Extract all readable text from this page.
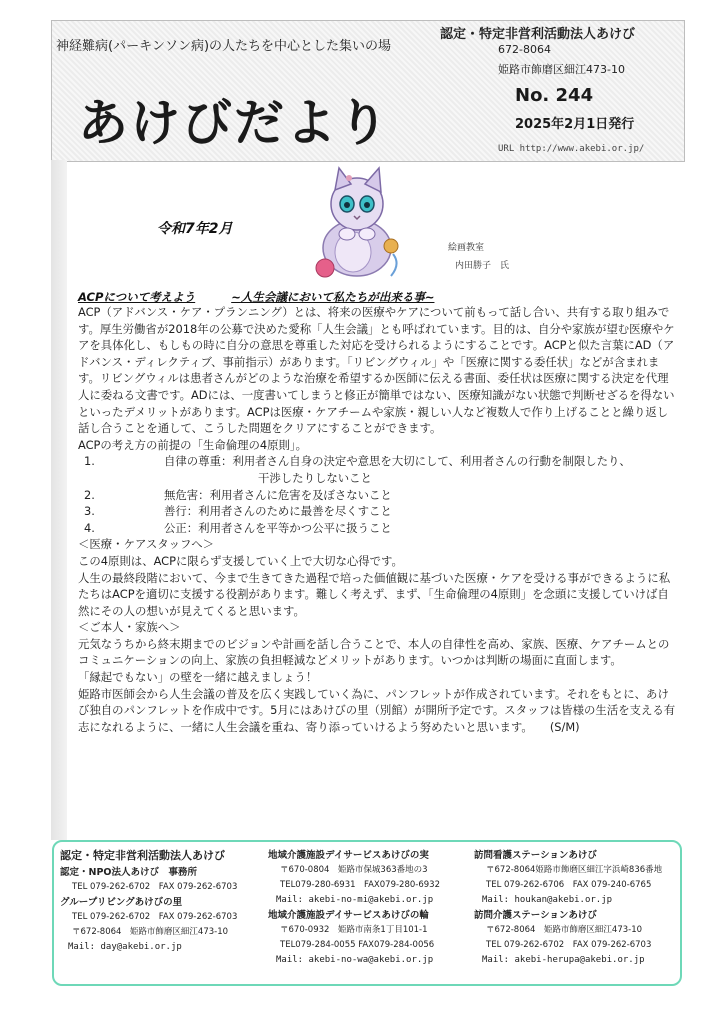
神経難病(パーキンソン病)の人たちを中心とした集いの場
認定・特定非営利活動法人あけび
672-8064
姫路市飾磨区細江473-10
あけびだより	No. 244
2025年2月1日発行
URL http://www.akebi.or.jp/
令和7年2月
絵画教室
内田勝子　氏
ACPについて考えよう	~人生会議において私たちが出来る事~

ACP（アドバンス・ケア・プランニング）とは、将来の医療やケアについて前もって話し合い、共有する取り組みです。厚生労働省が2018年の公募で決めた愛称「人生会議」とも呼ばれています。目的は、自分や家族が望む医療やケアを具体化し、もしもの時に自分の意思を尊重した対応を受けられるようにすることです。ACPと似た言葉にAD（アドバンス・ディレクティブ、事前指示）があります。「リビングウィル」や「医療に関する委任状」などが含まれます。リビングウィルは患者さんがどのような治療を希望するか医師に伝える書面、委任状は医療に関する決定を代理人に委ねる文書です。ADには、一度書いてしまうと修正が簡単ではない、医療知識がない状態で判断せざるを得ないといったデメリットがあります。ACPは医療・ケアチームや家族・親しい人など複数人で作り上げることと繰り返し話し合うことを通して、こうした問題をクリアにすることができます。

ACPの考え方の前提の「生命倫理の4原則」。

1.	自律の尊重：利用者さん自身の決定や意思を大切にして、利用者さんの行動を制限したり、
干渉したりしないこと
2.	無危害：利用者さんに危害を及ぼさないこと
3.	善行：利用者さんのために最善を尽くすこと
4.	公正：利用者さんを平等かつ公平に扱うこと

＜医療・ケアスタッフへ＞

この4原則は、ACPに限らず支援していく上で大切な心得です。

人生の最終段階において、今まで生きてきた過程で培った価値観に基づいた医療・ケアを受ける事ができるように私たちはACPを適切に支援する役割があります。難しく考えず、まず、「生命倫理の4原則」を念頭に支援していけば自然にその人の想いが見えてくると思います。

＜ご本人・家族へ＞

元気なうちから終末期までのビジョンや計画を話し合うことで、本人の自律性を高め、家族、医療、ケアチームとのコミュニケーションの向上、家族の負担軽減などメリットがあります。いつかは判断の場面に直面します。

「縁起でもない」の壁を一緒に越えましょう！

姫路市医師会から人生会議の普及を広く実践していく為に、パンフレットが作成されています。それをもとに、あけび独自のパンフレットを作成中です。5月にはあけびの里（別館）が開所予定です。スタッフは皆様の生活を支える有志になれるように、一緒に人生会議を重ね、寄り添っていけるよう努めたいと思います。　　 (S/M)

認定・特定非営利活動法人あけび
認定・NPO法人あけび　事務所
TEL 079-262-6702　FAX 079-262-6703
グループリビングあけびの里
TEL 079-262-6702　FAX 079-262-6703
〒672-8064　姫路市飾磨区細江473-10
Mail: day@akebi.or.jp
地域介護施設デイサービスあけびの実
〒670-0804　姫路市保城363番地の3
TEL079-280-6931　FAX079-280-6932
Mail: akebi-no-mi@akebi.or.jp
地域介護施設デイサービスあけびの輪
〒670-0932　姫路市南条1丁目101-1
TEL079-284-0055 FAX079-284-0056
Mail: akebi-no-wa@akebi.or.jp
訪問看護ステーションあけび
〒672-8064姫路市飾磨区細江字浜崎836番地
TEL 079-262-6706　FAX 079-240-6765
Mail: houkan@akebi.or.jp
訪問介護ステーションあけび
〒672-8064　姫路市飾磨区細江473-10
TEL 079-262-6702　FAX 079-262-6703
Mail: akebi-herupa@akebi.or.jp
